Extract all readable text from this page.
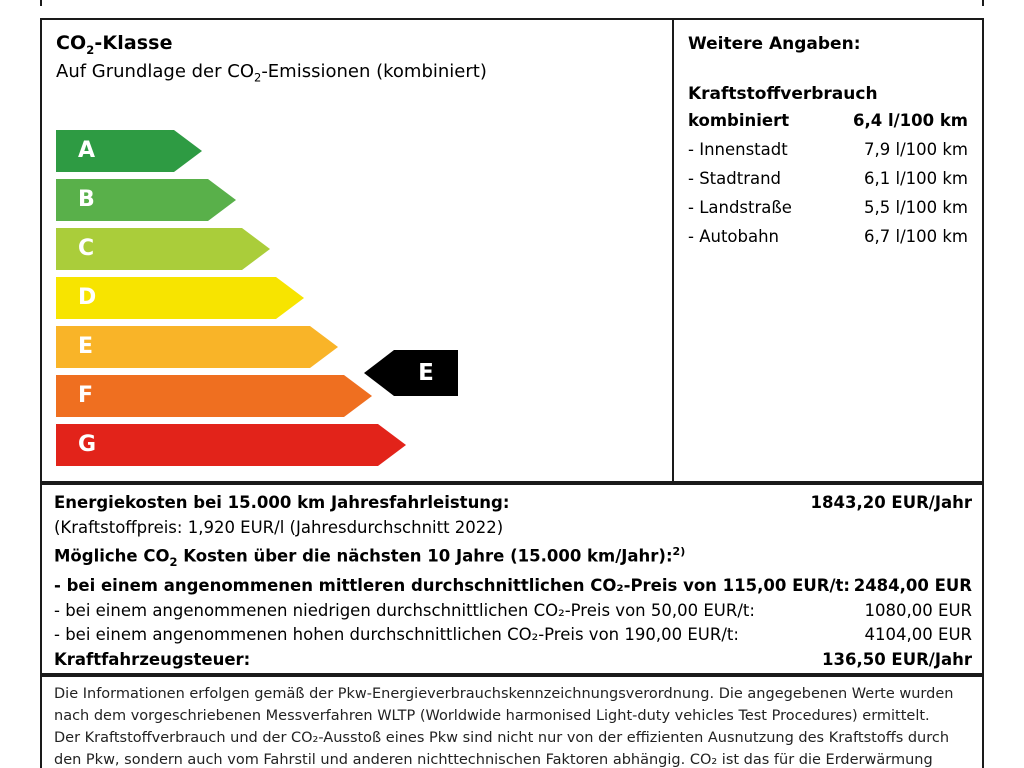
$CO_2$-Klasse
Auf Grundlage der $CO_2$-Emissionen (kombiniert)
A
B
C
D
E
F
G
E
Weitere Angaben:
Kraftstoffverbrauch
kombiniert	6,4 l/100 km
- Innenstadt	7,9 l/100 km
- Stadtrand	6,1 l/100 km
- Landstraße	5,5 l/100 km
- Autobahn	6,7 l/100 km
Energiekosten bei 15.000 km Jahresfahrleistung:	1843,20 EUR/Jahr
(Kraftstoffpreis: 1,920 EUR/l (Jahresdurchschnitt 2022)
Mögliche $CO_2$ Kosten über die nächsten 10 Jahre (15.000 km/Jahr):$^{2)}$
- bei einem angenommenen mittleren durchschnittlichen CO₂-Preis von 115,00 EUR/t: 2484,00 EUR
- bei einem angenommenen niedrigen durchschnittlichen CO₂-Preis von 50,00 EUR/t:	1080,00 EUR
- bei einem angenommenen hohen durchschnittlichen CO₂-Preis von 190,00 EUR/t:	4104,00 EUR
Kraftfahrzeugsteuer:	136,50 EUR/Jahr
Die Informationen erfolgen gemäß der Pkw-Energieverbrauchskennzeichnungsverordnung. Die angegebenen Werte wurden
nach dem vorgeschriebenen Messverfahren WLTP (Worldwide harmonised Light-duty vehicles Test Procedures) ermittelt.
Der Kraftstoffverbrauch und der CO₂-Ausstoß eines Pkw sind nicht nur von der effizienten Ausnutzung des Kraftstoffs durch
den Pkw, sondern auch vom Fahrstil und anderen nichttechnischen Faktoren abhängig. CO₂ ist das für die Erderwärmung
